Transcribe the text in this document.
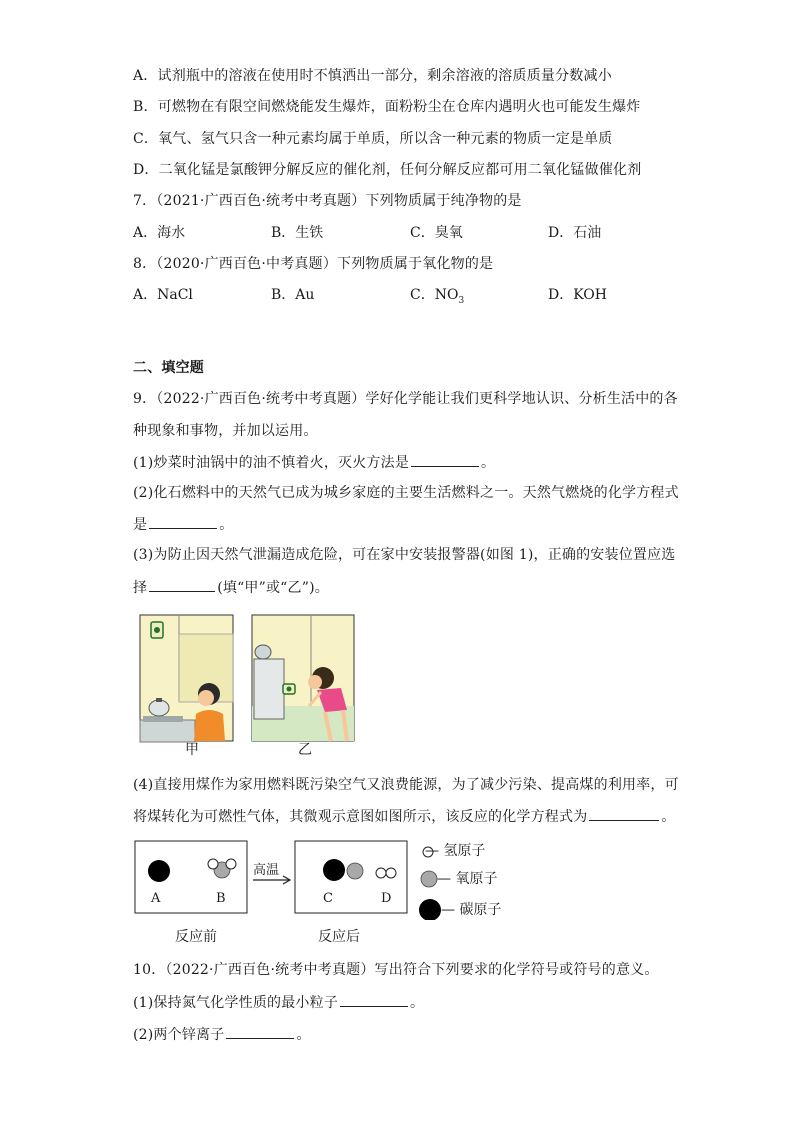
A．试剂瓶中的溶液在使用时不慎洒出一部分，剩余溶液的溶质质量分数减小
B．可燃物在有限空间燃烧能发生爆炸，面粉粉尘在仓库内遇明火也可能发生爆炸
C．氧气、氢气只含一种元素均属于单质，所以含一种元素的物质一定是单质
D．二氧化锰是氯酸钾分解反应的催化剂，任何分解反应都可用二氧化锰做催化剂
7．（2021·广西百色·统考中考真题）下列物质属于纯净物的是
A．海水	B．生铁	C．臭氧	D．石油
8．（2020·广西百色·中考真题）下列物质属于氧化物的是
A．NaCl	B．Au	C．$NO_3$	D．KOH
二、填空题
9．（2022·广西百色·统考中考真题）学好化学能让我们更科学地认识、分析生活中的各
种现象和事物，并加以运用。
(1)炒菜时油锅中的油不慎着火，灭火方法是	。
(2)化石燃料中的天然气已成为城乡家庭的主要生活燃料之一。天然气燃烧的化学方程式
是	。
(3)为防止因天然气泄漏造成危险，可在家中安装报警器(如图 1)，正确的安装位置应选
择	(填“甲”或“乙”)。
甲	乙
(4)直接用煤作为家用燃料既污染空气又浪费能源，为了减少污染、提高煤的利用率，可
将煤转化为可燃性气体，其微观示意图如图所示，该反应的化学方程式为	。
A	B	C	D
高温
反应前	反应后
— 氢原子
— 氧原子
— 碳原子
10．（2022·广西百色·统考中考真题）写出符合下列要求的化学符号或符号的意义。
(1)保持氮气化学性质的最小粒子	。
(2)两个锌离子	。
